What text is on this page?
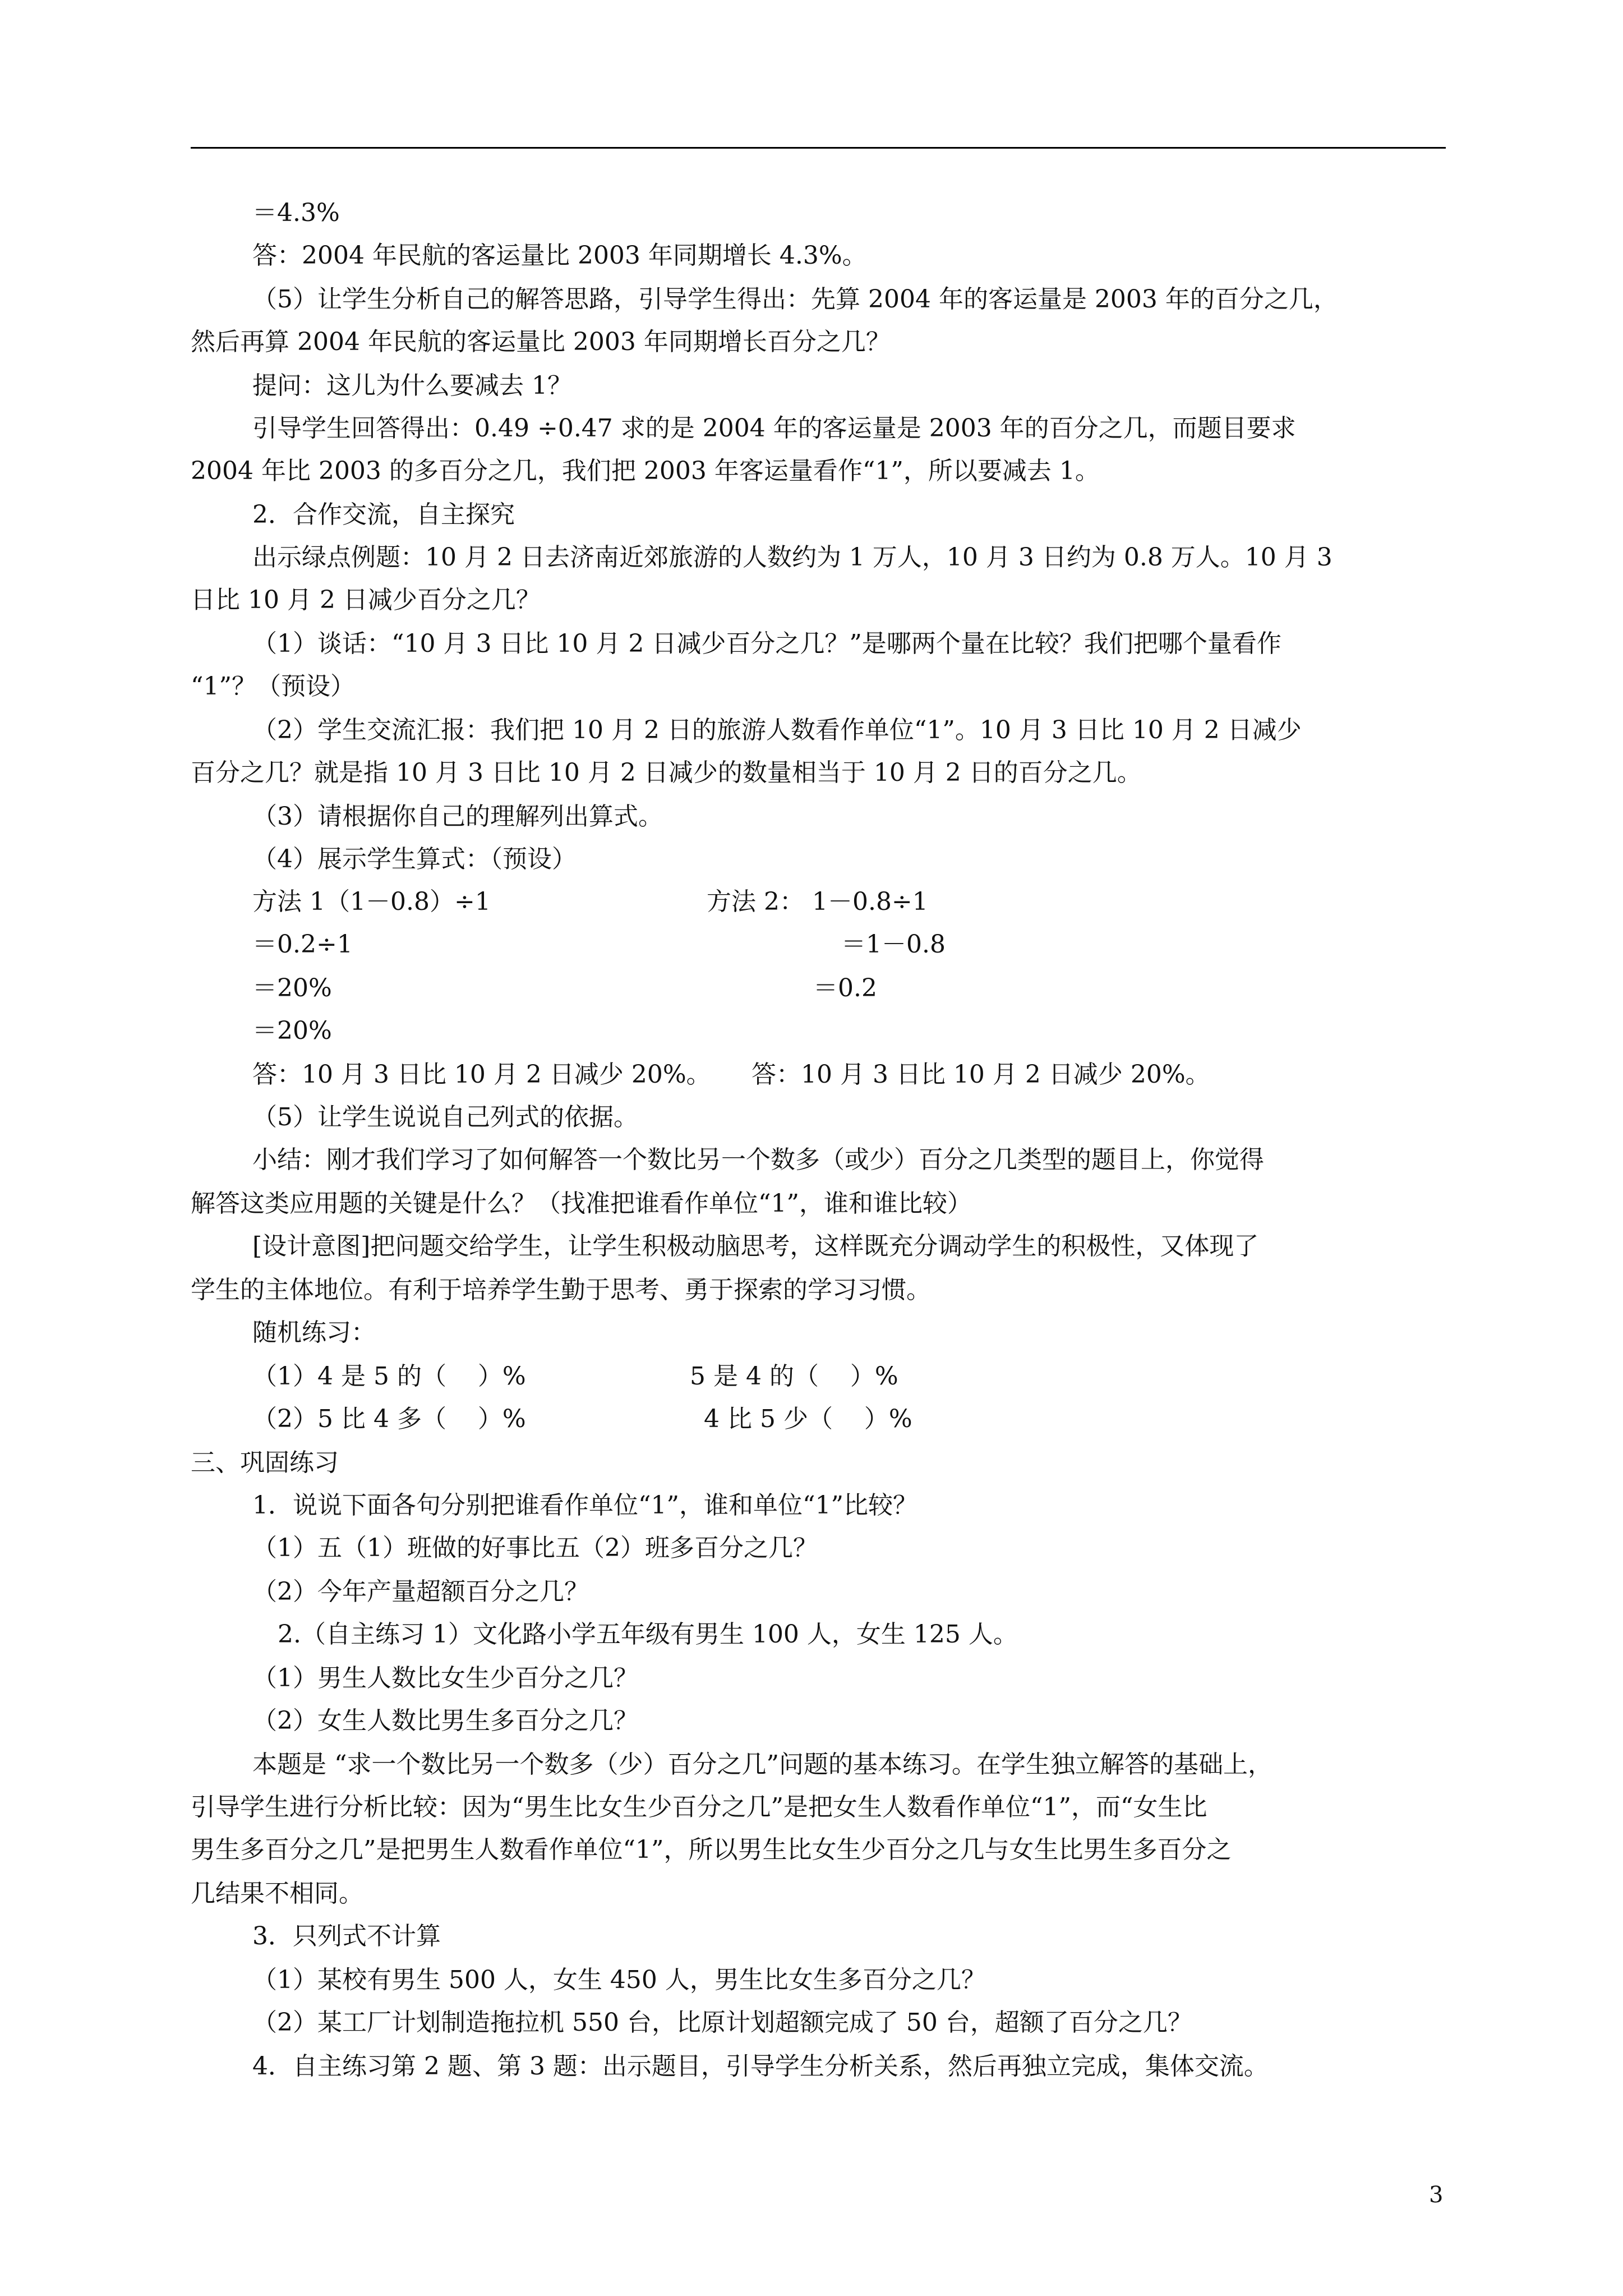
＝4.3%
答：2004 年民航的客运量比 2003 年同期增长 4.3%。
（5）让学生分析自己的解答思路，引导学生得出：先算 2004 年的客运量是 2003 年的百分之几，
然后再算 2004 年民航的客运量比 2003 年同期增长百分之几？
提问：这儿为什么要减去 1？
引导学生回答得出：0.49 ÷0.47 求的是 2004 年的客运量是 2003 年的百分之几，而题目要求
2004 年比 2003 的多百分之几，我们把 2003 年客运量看作“1”，所以要减去 1。
2．合作交流，自主探究
出示绿点例题：10 月 2 日去济南近郊旅游的人数约为 1 万人，10 月 3 日约为 0.8 万人。10 月 3
日比 10 月 2 日减少百分之几？
（1）谈话：“10 月 3 日比 10 月 2 日减少百分之几？”是哪两个量在比较？我们把哪个量看作
“1”？（预设）
（2）学生交流汇报：我们把 10 月 2 日的旅游人数看作单位“1”。10 月 3 日比 10 月 2 日减少
百分之几？就是指 10 月 3 日比 10 月 2 日减少的数量相当于 10 月 2 日的百分之几。
（3）请根据你自己的理解列出算式。
（4）展示学生算式：（预设）
方法 1（1－0.8）÷1	方法 2： 1－0.8÷1
＝0.2÷1	＝1－0.8
＝20%	＝0.2
＝20%
答：10 月 3 日比 10 月 2 日减少 20%。 答：10 月 3 日比 10 月 2 日减少 20%。
（5）让学生说说自己列式的依据。
小结：刚才我们学习了如何解答一个数比另一个数多（或少）百分之几类型的题目上，你觉得
解答这类应用题的关键是什么？（找准把谁看作单位“1”，谁和谁比较）
[设计意图]把问题交给学生，让学生积极动脑思考，这样既充分调动学生的积极性，又体现了
学生的主体地位。有利于培养学生勤于思考、勇于探索的学习习惯。
随机练习：
（1）4 是 5 的（    ）%	5 是 4 的（    ）%
（2）5 比 4 多（    ）%	4 比 5 少（    ）%
三、巩固练习
1．说说下面各句分别把谁看作单位“1”，谁和单位“1”比较？
（1）五（1）班做的好事比五（2）班多百分之几？
（2）今年产量超额百分之几？
2.（自主练习 1）文化路小学五年级有男生 100 人，女生 125 人。
（1）男生人数比女生少百分之几？
（2）女生人数比男生多百分之几？
本题是 “求一个数比另一个数多（少）百分之几”问题的基本练习。在学生独立解答的基础上，
引导学生进行分析比较：因为“男生比女生少百分之几”是把女生人数看作单位“1”，而“女生比
男生多百分之几”是把男生人数看作单位“1”，所以男生比女生少百分之几与女生比男生多百分之
几结果不相同。
3．只列式不计算
（1）某校有男生 500 人，女生 450 人，男生比女生多百分之几？
（2）某工厂计划制造拖拉机 550 台，比原计划超额完成了 50 台，超额了百分之几？
4．自主练习第 2 题、第 3 题：出示题目，引导学生分析关系，然后再独立完成，集体交流。
3
